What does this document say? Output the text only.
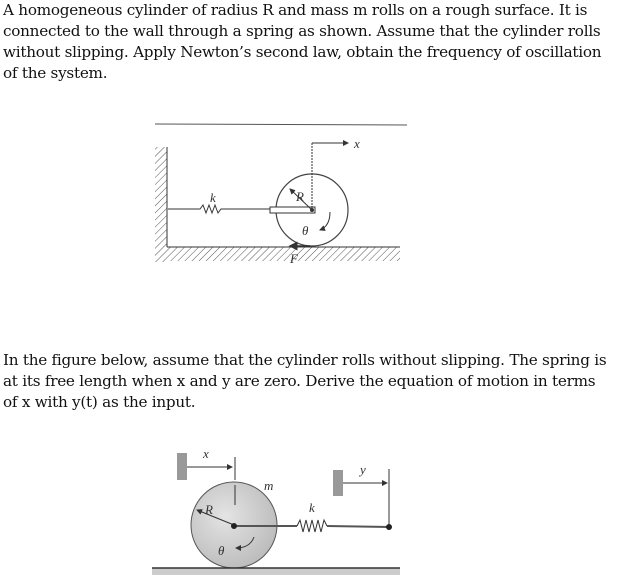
A homogeneous cylinder of radius R and mass m rolls on a rough surface. It is
connected to the wall through a spring as shown. Assume that the cylinder rolls
without slipping. Apply Newton’s second law, obtain the frequency of oscillation
of the system.
In the figure below, assume that the cylinder rolls without slipping. The spring is
at its free length when x and y are zero. Derive the equation of motion in terms
of x with y(t) as the input.
x
k	R
θ
F
x
y
m
k
R
θ
